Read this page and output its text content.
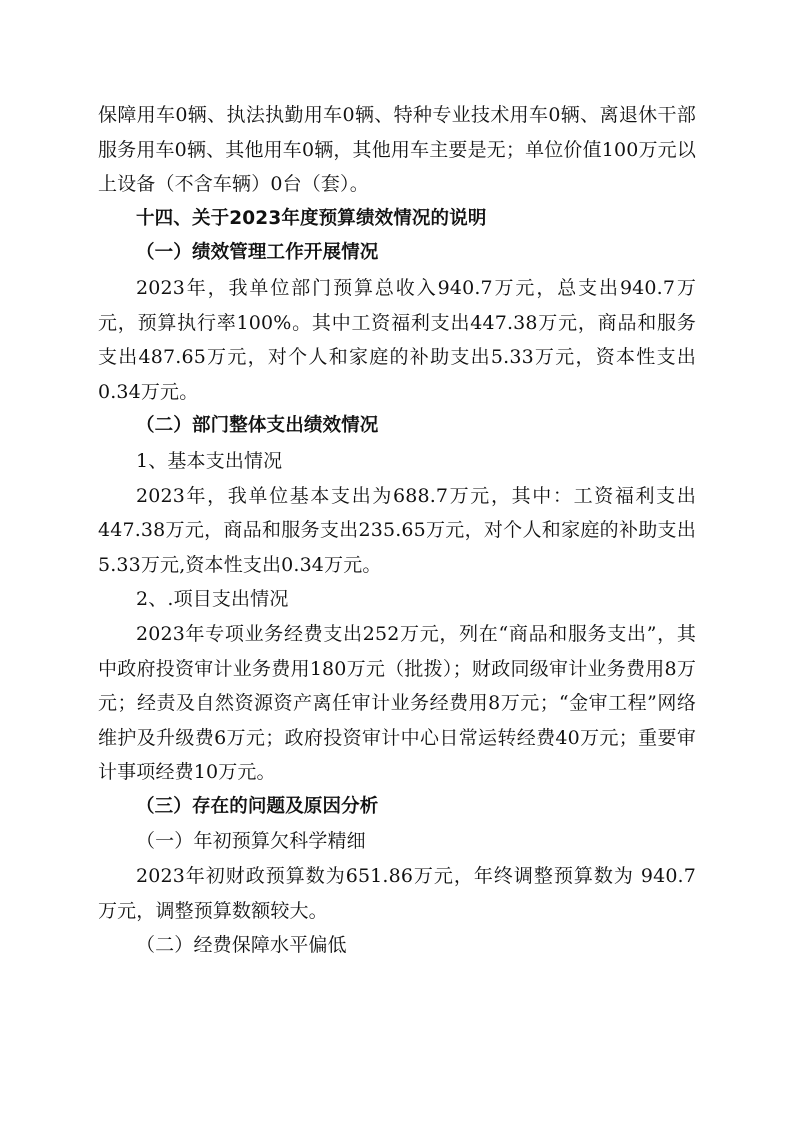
保障用车0辆、执法执勤用车0辆、特种专业技术用车0辆、离退休干部服务用车0辆、其他用车0辆，其他用车主要是无；单位价值100万元以上设备（不含车辆）0台（套）。

十四、关于2023年度预算绩效情况的说明

（一）绩效管理工作开展情况

2023年，我单位部门预算总收入940.7万元，总支出940.7万元，预算执行率100%。其中工资福利支出447.38万元，商品和服务支出487.65万元，对个人和家庭的补助支出5.33万元，资本性支出0.34万元。

（二）部门整体支出绩效情况

1、基本支出情况

2023年，我单位基本支出为688.7万元，其中：工资福利支出447.38万元，商品和服务支出235.65万元，对个人和家庭的补助支出5.33万元,资本性支出0.34万元。

2、.项目支出情况

2023年专项业务经费支出252万元，列在“商品和服务支出”，其中政府投资审计业务费用180万元（批拨）；财政同级审计业务费用8万元；经责及自然资源资产离任审计业务经费用8万元；“金审工程”网络维护及升级费6万元；政府投资审计中心日常运转经费40万元；重要审计事项经费10万元。

（三）存在的问题及原因分析

（一）年初预算欠科学精细

2023年初财政预算数为651.86万元，年终调整预算数为 940.7万元，调整预算数额较大。

（二）经费保障水平偏低
